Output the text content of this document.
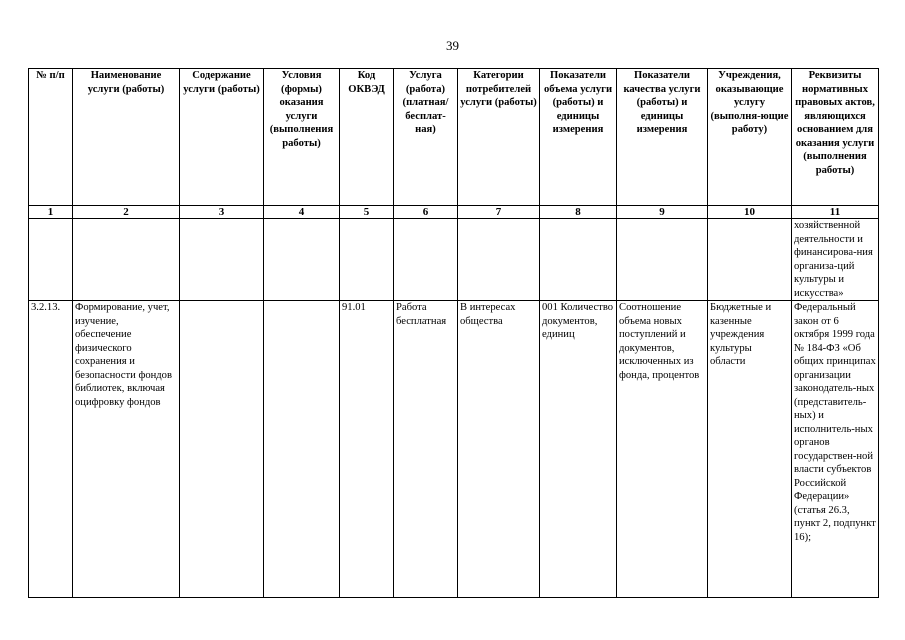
39
№ п/п	Наименование услуги (работы)	Содержание услуги (работы)	Условия (формы) оказания услуги (выполнения работы)	Код ОКВЭД	Услуга (работа) (платная/ бесплат-ная)	Категории потребителей услуги (работы)	Показатели объема услуги (работы) и единицы измерения	Показатели качества услуги (работы) и единицы измерения	Учреждения, оказывающие услугу (выполня-ющие работу)	Реквизиты нормативных правовых актов, являющихся основанием для оказания услуги (выполнения работы)
1	2	3	4	5	6	7	8	9	10	11
										хозяйственной деятельности и финансирова-ния организа-ций культуры и искусства»
3.2.13.	Формирование, учет, изучение, обеспечение физического сохранения и безопасности фондов библиотек, включая оцифровку фондов			91.01	Работа бесплатная	В интересах общества	001 Количество документов, единиц	Соотношение объема новых поступлений и документов, исключенных из фонда, процентов	Бюджетные и казенные учреждения культуры области	Федеральный закон от 6 октября 1999 года № 184-ФЗ «Об общих принципах организации законодатель-ных (представитель-ных) и исполнитель-ных органов государствен-ной власти субъектов Российской Федерации» (статья 26.3, пункт 2, подпункт 16);
